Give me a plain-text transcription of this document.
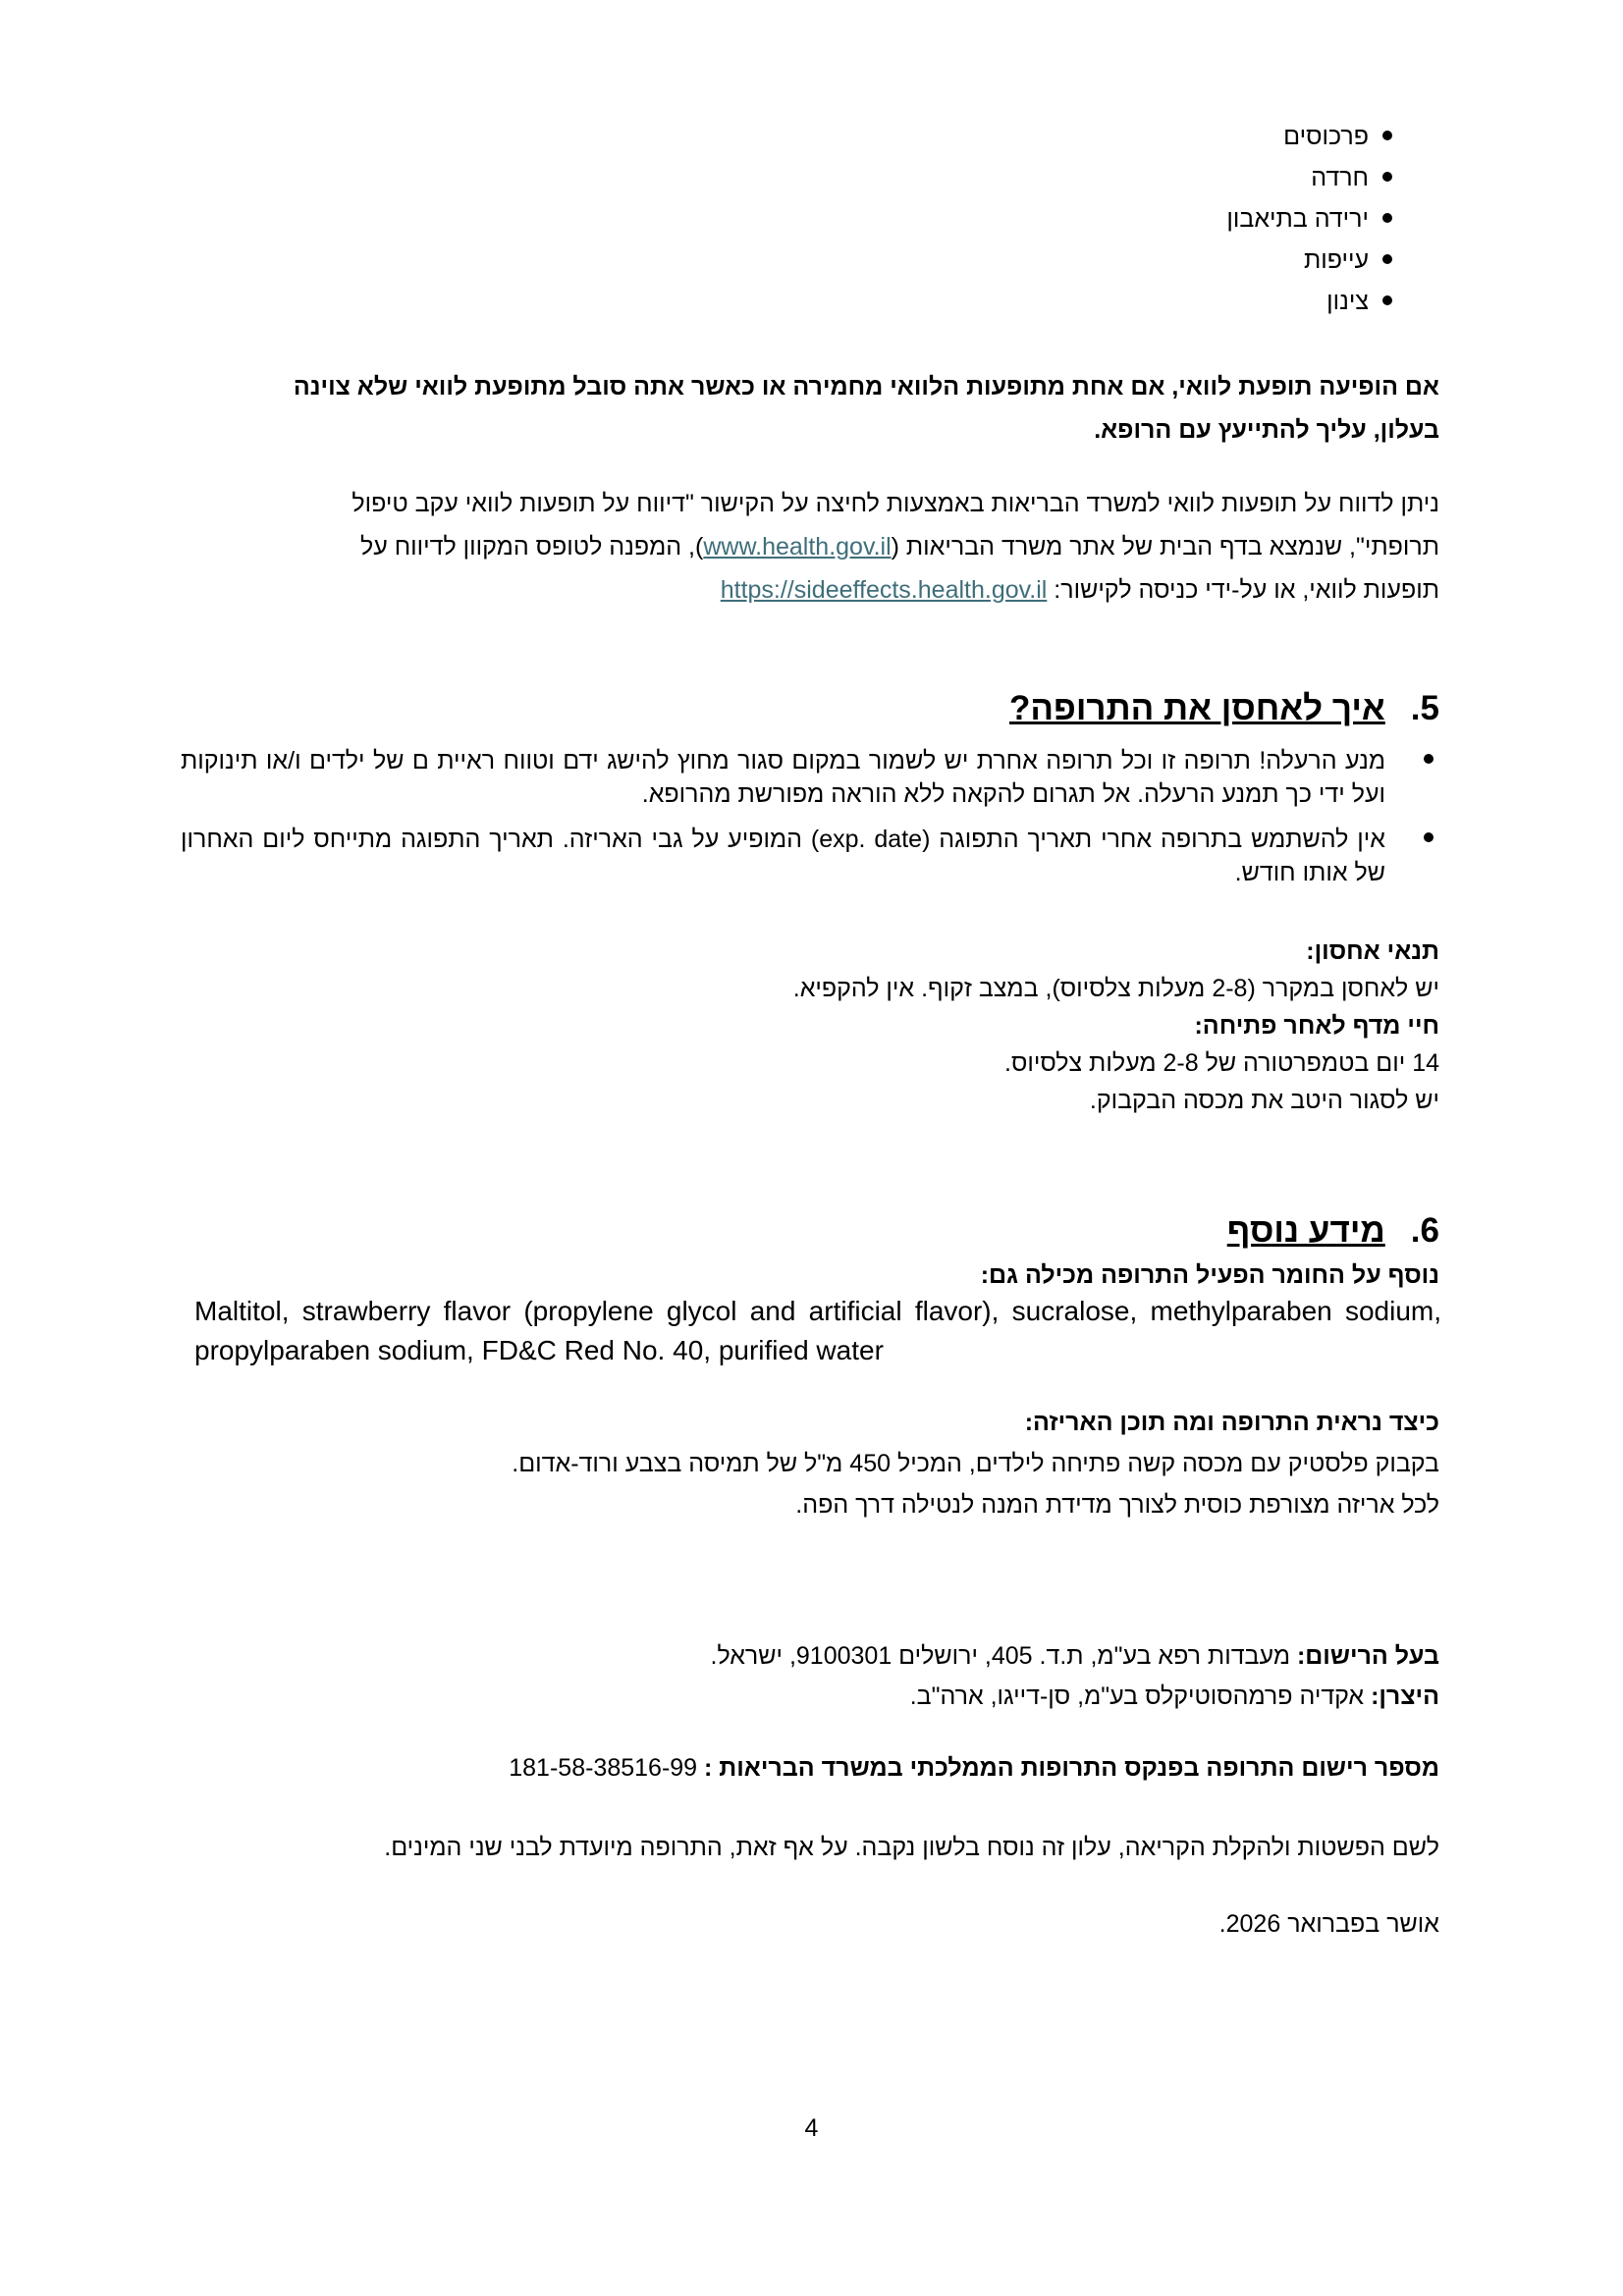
פרכוסים
חרדה
ירידה בתיאבון
עייפות
צינון
אם הופיעה תופעת לוואי, אם אחת מתופעות הלוואי מחמירה או כאשר אתה סובל מתופעת לוואי שלא צוינה
בעלון, עליך להתייעץ עם הרופא.
ניתן לדווח על תופעות לוואי למשרד הבריאות באמצעות לחיצה על הקישור "דיווח על תופעות לוואי עקב טיפול
תרופתי", שנמצא בדף הבית של אתר משרד הבריאות (www.health.gov.il), המפנה לטופס המקוון לדיווח על
תופעות לוואי, או על-ידי כניסה לקישור: https://sideeffects.health.gov.il
5.איך לאחסן את התרופה?
מנע הרעלה! תרופה זו וכל תרופה אחרת יש לשמור במקום סגור מחוץ להישג ידם וטווח ראיית ם של ילדים ו/או תינוקות ועל ידי כך תמנע הרעלה. אל תגרום להקאה ללא הוראה מפורשת מהרופא.
אין להשתמש בתרופה אחרי תאריך התפוגה (exp. date) המופיע על גבי האריזה. תאריך התפוגה מתייחס ליום האחרון של אותו חודש.
תנאי אחסון:
יש לאחסן במקרר (2-8 מעלות צלסיוס), במצב זקוף. אין להקפיא.
חיי מדף לאחר פתיחה:
14 יום בטמפרטורה של 2-8 מעלות צלסיוס.
יש לסגור היטב את מכסה הבקבוק.
6.מידע נוסף
נוסף על החומר הפעיל התרופה מכילה גם:
Maltitol, strawberry flavor (propylene glycol and artificial flavor), sucralose, methylparaben sodium, propylparaben sodium, FD&C Red No. 40, purified water
כיצד נראית התרופה ומה תוכן האריזה:
בקבוק פלסטיק עם מכסה קשה פתיחה לילדים, המכיל 450 מ"ל של תמיסה בצבע ורוד-אדום.
לכל אריזה מצורפת כוסית לצורך מדידת המנה לנטילה דרך הפה.
בעל הרישום: מעבדות רפא בע"מ, ת.ד. 405, ירושלים 9100301, ישראל.
היצרן: אקדיה פרמהסוטיקלס בע"מ, סן-דייגו, ארה"ב.
מספר רישום התרופה בפנקס התרופות הממלכתי במשרד הבריאות : 181-58-38516-99
לשם הפשטות ולהקלת הקריאה, עלון זה נוסח בלשון נקבה. על אף זאת, התרופה מיועדת לבני שני המינים.
אושר בפברואר 2026.
4
